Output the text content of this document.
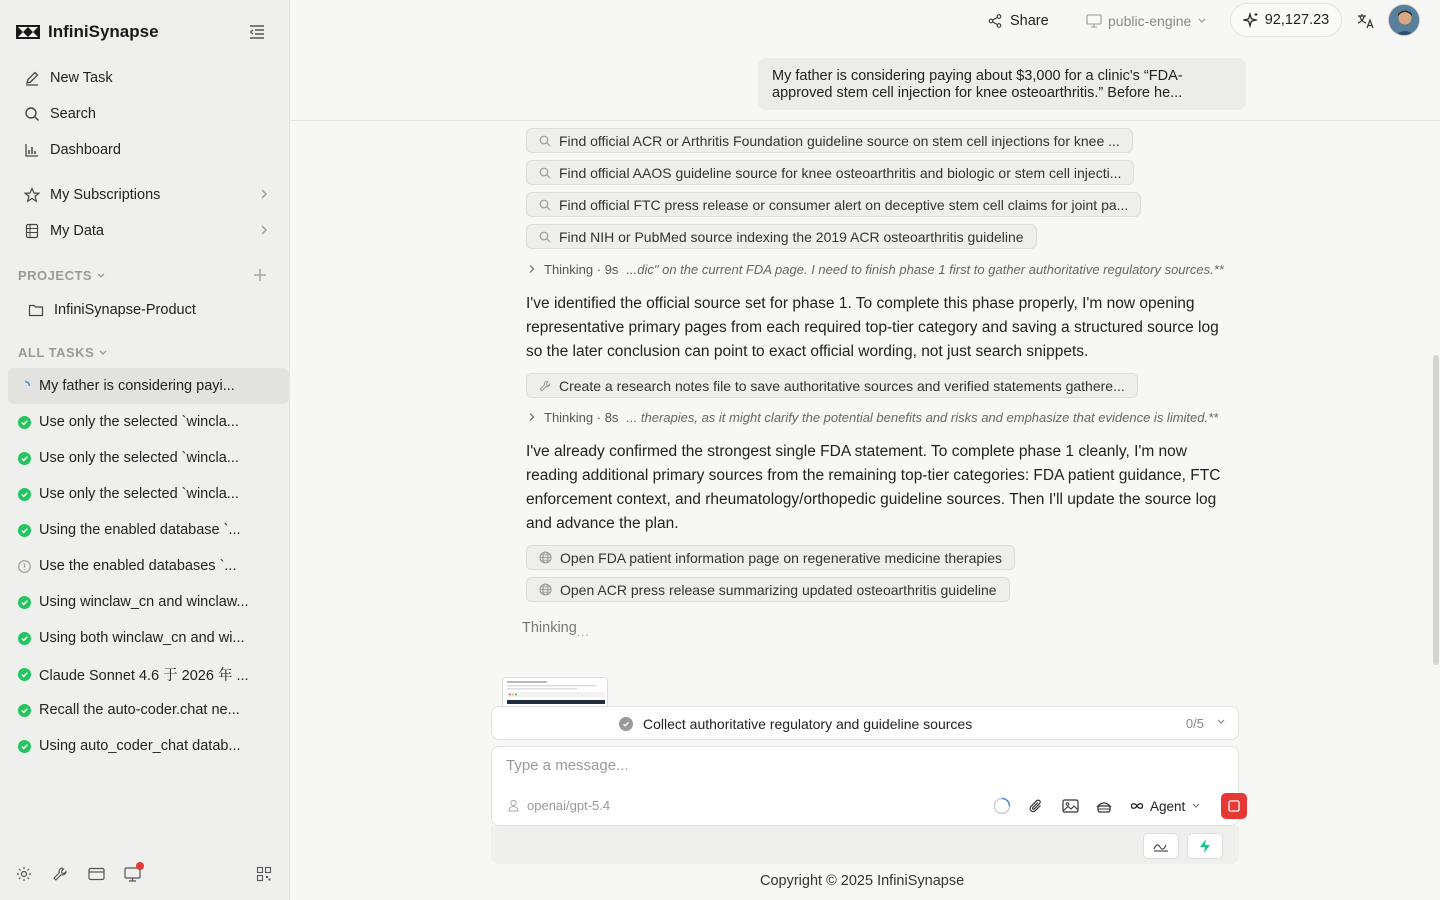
InfiniSynapse
New Task
Search
Dashboard
My Subscriptions
My Data
PROJECTS
InfiniSynapse-Product
ALL TASKS
My father is considering payi...
Use only the selected `wincla...
Use only the selected `wincla...
Use only the selected `wincla...
Using the enabled database `...
Use the enabled databases `...
Using winclaw_cn and winclaw...
Using both winclaw_cn and wi...
Claude Sonnet 4.6 于 2026 年 ...
Recall the auto-coder.chat ne...
Using auto_coder_chat datab...
Share	public-engine	92,127.23
My father is considering paying about $3,000 for a clinic's “FDA-approved stem cell injection for knee osteoarthritis.” Before he...
Find official ACR or Arthritis Foundation guideline source on stem cell injections for knee ...
Find official AAOS guideline source for knee osteoarthritis and biologic or stem cell injecti...
Find official FTC press release or consumer alert on deceptive stem cell claims for joint pa...
Find NIH or PubMed source indexing the 2019 ACR osteoarthritis guideline
Thinking · 9s ...dic" on the current FDA page. I need to finish phase 1 first to gather authoritative regulatory sources.**
I've identified the official source set for phase 1. To complete this phase properly, I'm now opening representative primary pages from each required top-tier category and saving a structured source log so the later conclusion can point to exact official wording, not just search snippets.
Create a research notes file to save authoritative sources and verified statements gathere...
Thinking · 8s ... therapies, as it might clarify the potential benefits and risks and emphasize that evidence is limited.**
I've already confirmed the strongest single FDA statement. To complete phase 1 cleanly, I'm now reading additional primary sources from the remaining top-tier categories: FDA patient guidance, FTC enforcement context, and rheumatology/orthopedic guideline sources. Then I'll update the source log and advance the plan.
Open FDA patient information page on regenerative medicine therapies
Open ACR press release summarizing updated osteoarthritis guideline
Thinking$_{...}$
Collect authoritative regulatory and guideline sources	0/5
Type a message...
openai/gpt-5.4	Agent
Copyright © 2025 InfiniSynapse
